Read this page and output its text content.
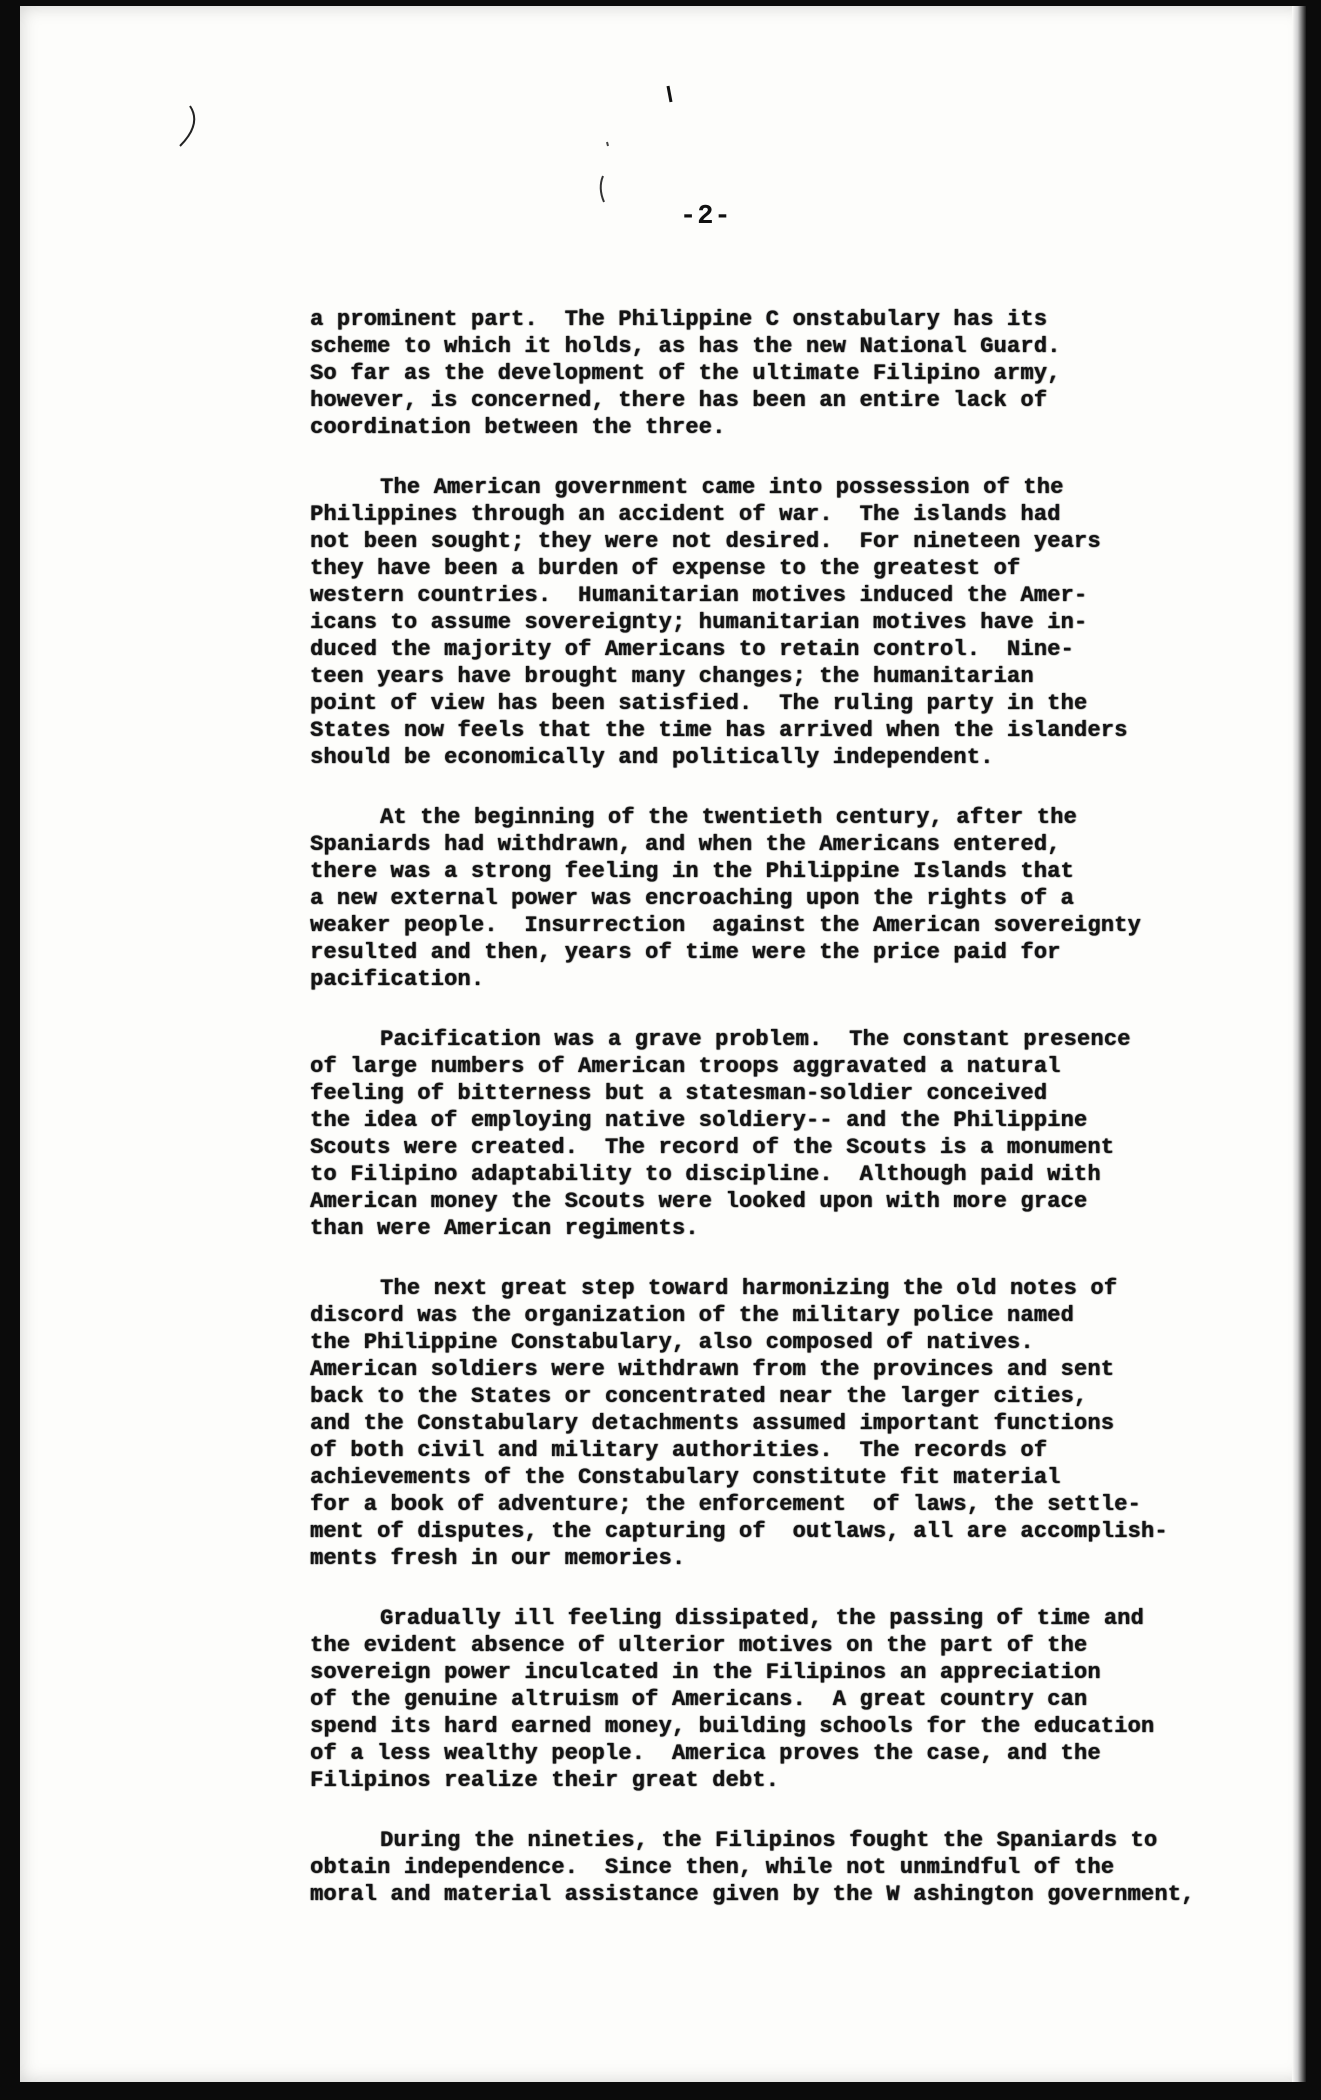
-2-
a prominent part.  The Philippine C onstabulary has its
scheme to which it holds, as has the new National Guard.
So far as the development of the ultimate Filipino army,
however, is concerned, there has been an entire lack of
coordination between the three.
The American government came into possession of the
Philippines through an accident of war.  The islands had
not been sought; they were not desired.  For nineteen years
they have been a burden of expense to the greatest of
western countries.  Humanitarian motives induced the Amer-
icans to assume sovereignty; humanitarian motives have in-
duced the majority of Americans to retain control.  Nine-
teen years have brought many changes; the humanitarian
point of view has been satisfied.  The ruling party in the
States now feels that the time has arrived when the islanders
should be economically and politically independent.
At the beginning of the twentieth century, after the
Spaniards had withdrawn, and when the Americans entered,
there was a strong feeling in the Philippine Islands that
a new external power was encroaching upon the rights of a
weaker people.  Insurrection  against the American sovereignty
resulted and then, years of time were the price paid for
pacification.
Pacification was a grave problem.  The constant presence
of large numbers of American troops aggravated a natural
feeling of bitterness but a statesman-soldier conceived
the idea of employing native soldiery-- and the Philippine
Scouts were created.  The record of the Scouts is a monument
to Filipino adaptability to discipline.  Although paid with
American money the Scouts were looked upon with more grace
than were American regiments.
The next great step toward harmonizing the old notes of
discord was the organization of the military police named
the Philippine Constabulary, also composed of natives.
American soldiers were withdrawn from the provinces and sent
back to the States or concentrated near the larger cities,
and the Constabulary detachments assumed important functions
of both civil and military authorities.  The records of
achievements of the Constabulary constitute fit material
for a book of adventure; the enforcement  of laws, the settle-
ment of disputes, the capturing of  outlaws, all are accomplish-
ments fresh in our memories.
Gradually ill feeling dissipated, the passing of time and
the evident absence of ulterior motives on the part of the
sovereign power inculcated in the Filipinos an appreciation
of the genuine altruism of Americans.  A great country can
spend its hard earned money, building schools for the education
of a less wealthy people.  America proves the case, and the
Filipinos realize their great debt.
During the nineties, the Filipinos fought the Spaniards to
obtain independence.  Since then, while not unmindful of the
moral and material assistance given by the W ashington government,
